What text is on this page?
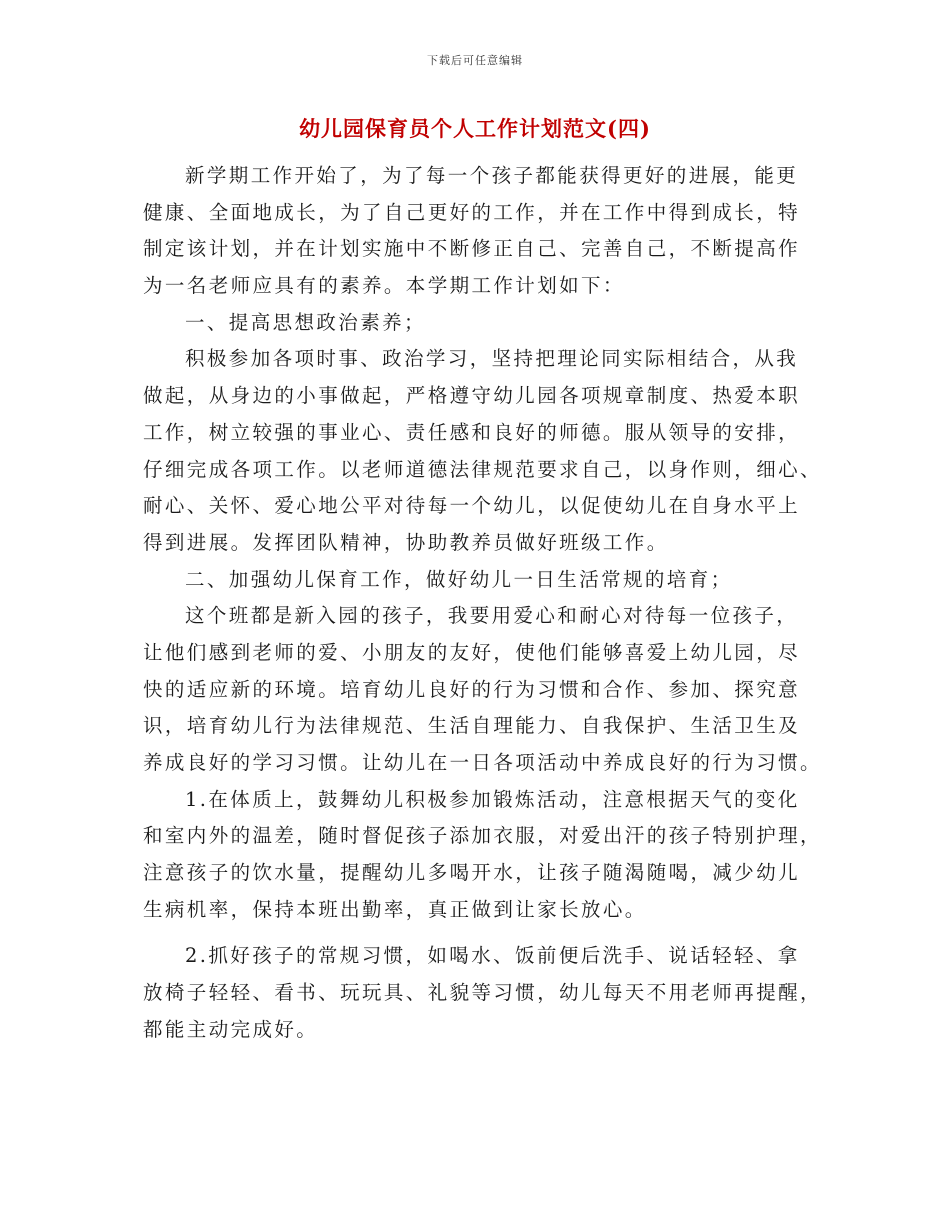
下载后可任意编辑
幼儿园保育员个人工作计划范文(四)
新学期工作开始了，为了每一个孩子都能获得更好的进展，能更
健康、全面地成长，为了自己更好的工作，并在工作中得到成长，特
制定该计划，并在计划实施中不断修正自己、完善自己，不断提高作
为一名老师应具有的素养。本学期工作计划如下：
一、提高思想政治素养；
积极参加各项时事、政治学习，坚持把理论同实际相结合，从我
做起，从身边的小事做起，严格遵守幼儿园各项规章制度、热爱本职
工作，树立较强的事业心、责任感和良好的师德。服从领导的安排，
仔细完成各项工作。以老师道德法律规范要求自己，以身作则，细心、
耐心、关怀、爱心地公平对待每一个幼儿，以促使幼儿在自身水平上
得到进展。发挥团队精神，协助教养员做好班级工作。
二、加强幼儿保育工作，做好幼儿一日生活常规的培育；
这个班都是新入园的孩子，我要用爱心和耐心对待每一位孩子，
让他们感到老师的爱、小朋友的友好，使他们能够喜爱上幼儿园，尽
快的适应新的环境。培育幼儿良好的行为习惯和合作、参加、探究意
识，培育幼儿行为法律规范、生活自理能力、自我保护、生活卫生及
养成良好的学习习惯。让幼儿在一日各项活动中养成良好的行为习惯。
1.在体质上，鼓舞幼儿积极参加锻炼活动，注意根据天气的变化
和室内外的温差，随时督促孩子添加衣服，对爱出汗的孩子特别护理，
注意孩子的饮水量，提醒幼儿多喝开水，让孩子随渴随喝，减少幼儿
生病机率，保持本班出勤率，真正做到让家长放心。
2.抓好孩子的常规习惯，如喝水、饭前便后洗手、说话轻轻、拿
放椅子轻轻、看书、玩玩具、礼貌等习惯，幼儿每天不用老师再提醒，
都能主动完成好。
